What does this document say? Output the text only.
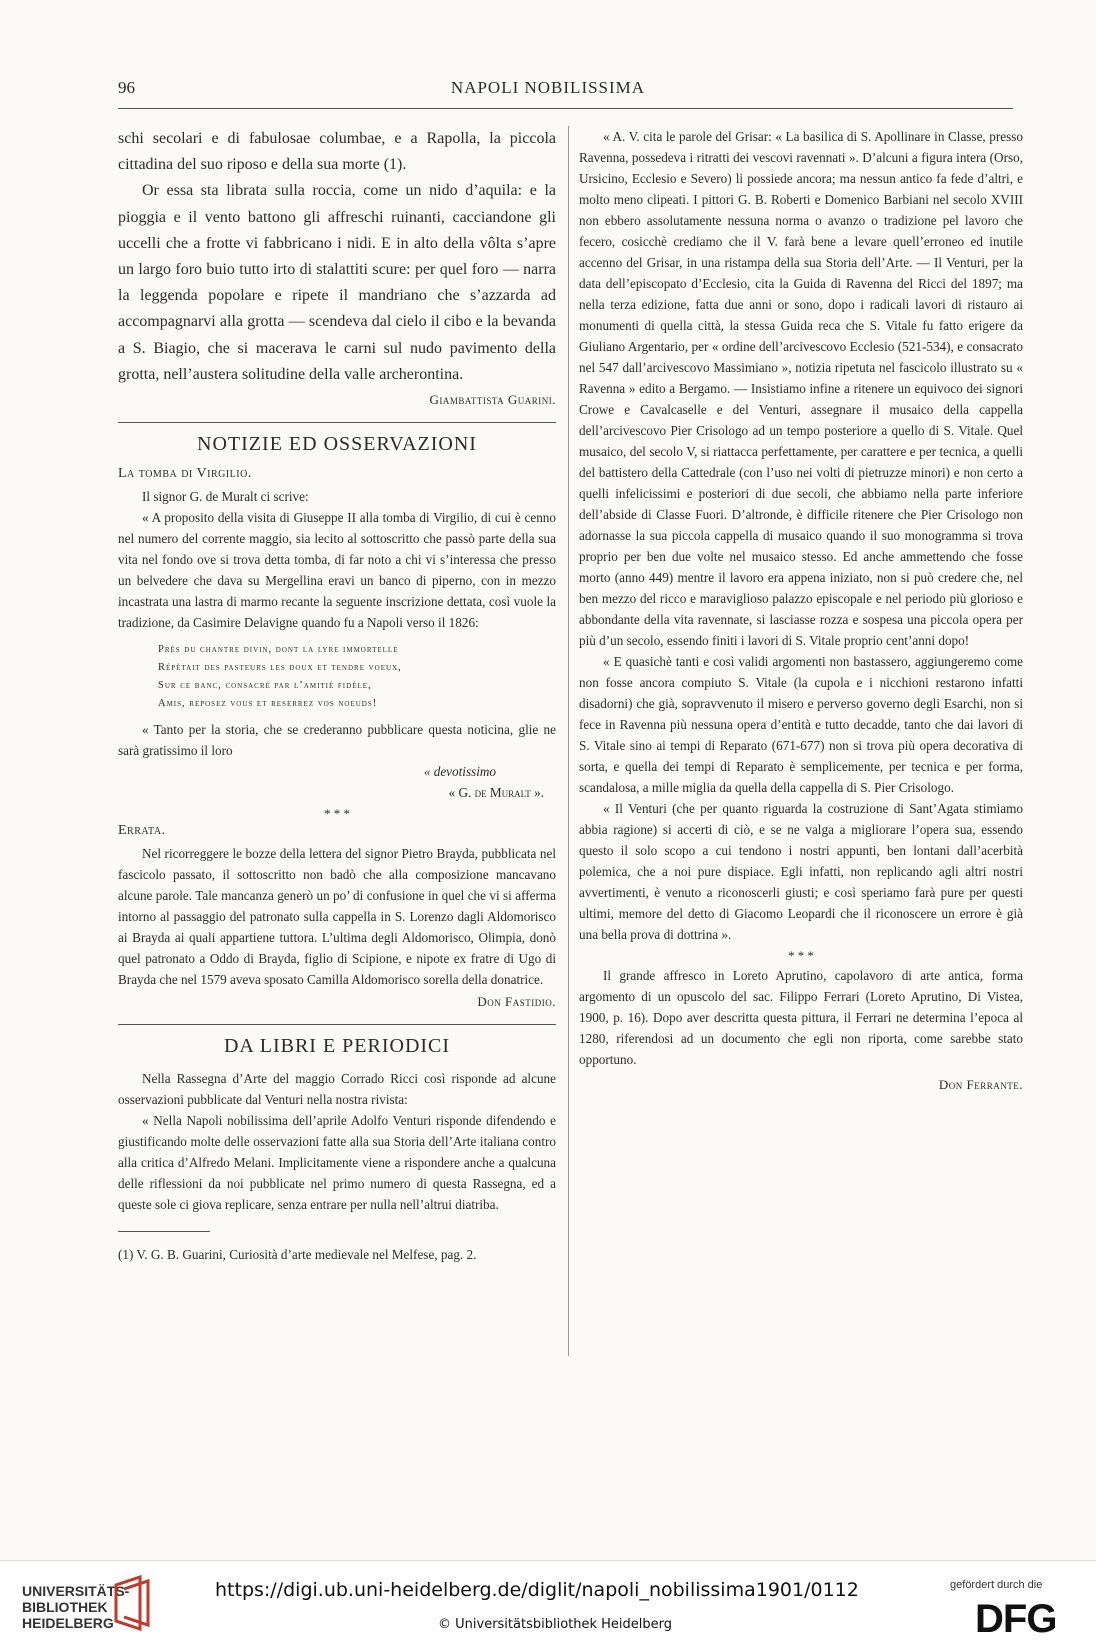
96	NAPOLI NOBILISSIMA

schi secolari e di fabulosae columbae, e a Rapolla, la piccola cittadina del suo riposo e della sua morte (1).

Or essa sta librata sulla roccia, come un nido d’aquila: e la pioggia e il vento battono gli affreschi ruinanti, cacciandone gli uccelli che a frotte vi fabbricano i nidi. E in alto della vôlta s’apre un largo foro buio tutto irto di stalattiti scure: per quel foro — narra la leggenda popolare e ripete il mandriano che s’azzarda ad accompagnarvi alla grotta — scendeva dal cielo il cibo e la bevanda a S. Biagio, che si macerava le carni sul nudo pavimento della grotta, nell’austera solitudine della valle archerontina.

Giambattista Guarini.
NOTIZIE ED OSSERVAZIONI
La tomba di Virgilio.

Il signor G. de Muralt ci scrive:

« A proposito della visita di Giuseppe II alla tomba di Virgilio, di cui è cenno nel numero del corrente maggio, sia lecito al sottoscritto che passò parte della sua vita nel fondo ove si trova detta tomba, di far noto a chi vi s’interessa che presso un belvedere che dava su Mergellina eravi un banco di piperno, con in mezzo incastrata una lastra di marmo recante la seguente inscrizione dettata, così vuole la tradizione, da Casimire Delavigne quando fu a Napoli verso il 1826:

Près du chantre divin, dont la lyre immortelle
Répètait des pasteurs les doux et tendre voeux,
Sur ce banc, consacré par l’amitié fidèle,
Amis, reposez vous et reserrez vos noeuds!

« Tanto per la storia, che se crederanno pubblicare questa noticina, glie ne sarà gratissimo il loro

« devotissimo

« G. de Muralt ».

* * *
Errata.

Nel ricorreggere le bozze della lettera del signor Pietro Brayda, pubblicata nel fascicolo passato, il sottoscritto non badò che alla composizione mancavano alcune parole. Tale mancanza generò un po’ di confusione in quel che vi si afferma intorno al passaggio del patronato sulla cappella in S. Lorenzo dagli Aldomorisco ai Brayda ai quali appartiene tuttora. L’ultima degli Aldomorisco, Olimpia, donò quel patronato a Oddo di Brayda, figlio di Scipione, e nipote ex fratre di Ugo di Brayda che nel 1579 aveva sposato Camilla Aldomorisco sorella della donatrice.

Don Fastidio.
DA LIBRI E PERIODICI

Nella Rassegna d’Arte del maggio Corrado Ricci così risponde ad alcune osservazioni pubblicate dal Venturi nella nostra rivista:

« Nella Napoli nobilissima dell’aprile Adolfo Venturi risponde difendendo e giustificando molte delle osservazioni fatte alla sua Storia dell’Arte italiana contro alla critica d’Alfredo Melani. Implicitamente viene a rispondere anche a qualcuna delle riflessioni da noi pubblicate nel primo numero di questa Rassegna, ed a queste sole ci giova replicare, senza entrare per nulla nell’altrui diatriba.

(1) V. G. B. Guarini, Curiosità d’arte medievale nel Melfese, pag. 2.

« A. V. cita le parole del Grisar: « La basilica di S. Apollinare in Classe, presso Ravenna, possedeva i ritratti dei vescovi ravennati ». D’alcuni a figura intera (Orso, Ursicino, Ecclesio e Severo) li possiede ancora; ma nessun antico fa fede d’altri, e molto meno clipeati. I pittori G. B. Roberti e Domenico Barbiani nel secolo XVIII non ebbero assolutamente nessuna norma o avanzo o tradizione pel lavoro che fecero, cosicchè crediamo che il V. farà bene a levare quell’erroneo ed inutile accenno del Grisar, in una ristampa della sua Storia dell’Arte. — Il Venturi, per la data dell’episcopato d’Ecclesio, cita la Guida di Ravenna del Ricci del 1897; ma nella terza edizione, fatta due anni or sono, dopo i radicali lavori di ristauro ai monumenti di quella città, la stessa Guida reca che S. Vitale fu fatto erigere da Giuliano Argentario, per « ordine dell’arcivescovo Ecclesio (521-534), e consacrato nel 547 dall’arcivescovo Massimiano », notizia ripetuta nel fascicolo illustrato su « Ravenna » edito a Bergamo. — Insistiamo infine a ritenere un equivoco dei signori Crowe e Cavalcaselle e del Venturi, assegnare il musaico della cappella dell’arcivescovo Pier Crisologo ad un tempo posteriore a quello di S. Vitale. Quel musaico, del secolo V, si riattacca perfettamente, per carattere e per tecnica, a quelli del battistero della Cattedrale (con l’uso nei volti di pietruzze minori) e non certo a quelli infelicissimi e posteriori di due secoli, che abbiamo nella parte inferiore dell’abside di Classe Fuori. D’altronde, è difficile ritenere che Pier Crisologo non adornasse la sua piccola cappella di musaico quando il suo monogramma si trova proprio per ben due volte nel musaico stesso. Ed anche ammettendo che fosse morto (anno 449) mentre il lavoro era appena iniziato, non si può credere che, nel ben mezzo del ricco e maraviglioso palazzo episcopale e nel periodo più glorioso e abbondante della vita ravennate, si lasciasse rozza e sospesa una piccola opera per più d’un secolo, essendo finiti i lavori di S. Vitale proprio cent’anni dopo!

« E quasichè tanti e così validi argomenti non bastassero, aggiungeremo come non fosse ancora compiuto S. Vitale (la cupola e i nicchioni restarono infatti disadorni) che già, sopravvenuto il misero e perverso governo degli Esarchi, non si fece in Ravenna più nessuna opera d’entità e tutto decadde, tanto che dai lavori di S. Vitale sino ai tempi di Reparato (671-677) non si trova più opera decorativa di sorta, e quella dei tempi di Reparato è semplicemente, per tecnica e per forma, scandalosa, a mille miglia da quella della cappella di S. Pier Crisologo.

« Il Venturi (che per quanto riguarda la costruzione di Sant’Agata stimiamo abbia ragione) si accerti di ciò, e se ne valga a migliorare l’opera sua, essendo questo il solo scopo a cui tendono i nostri appunti, ben lontani dall’acerbità polemica, che a noi pure dispiace. Egli infatti, non replicando agli altri nostri avvertimenti, è venuto a riconoscerli giusti; e così speriamo farà pure per questi ultimi, memore del detto di Giacomo Leopardi che il riconoscere un errore è già una bella prova di dottrina ».

* * *

Il grande affresco in Loreto Aprutino, capolavoro di arte antica, forma argomento di un opuscolo del sac. Filippo Ferrari (Loreto Aprutino, Di Vistea, 1900, p. 16). Dopo aver descritta questa pittura, il Ferrari ne determina l’epoca al 1280, riferendosi ad un documento che egli non riporta, come sarebbe stato opportuno.

Don Ferrante.
UNIVERSITÄTS-
BIBLIOTHEK
HEIDELBERG
https://digi.ub.uni-heidelberg.de/diglit/napoli_nobilissima1901/0112
© Universitätsbibliothek Heidelberg
gefördert durch die
DFG
